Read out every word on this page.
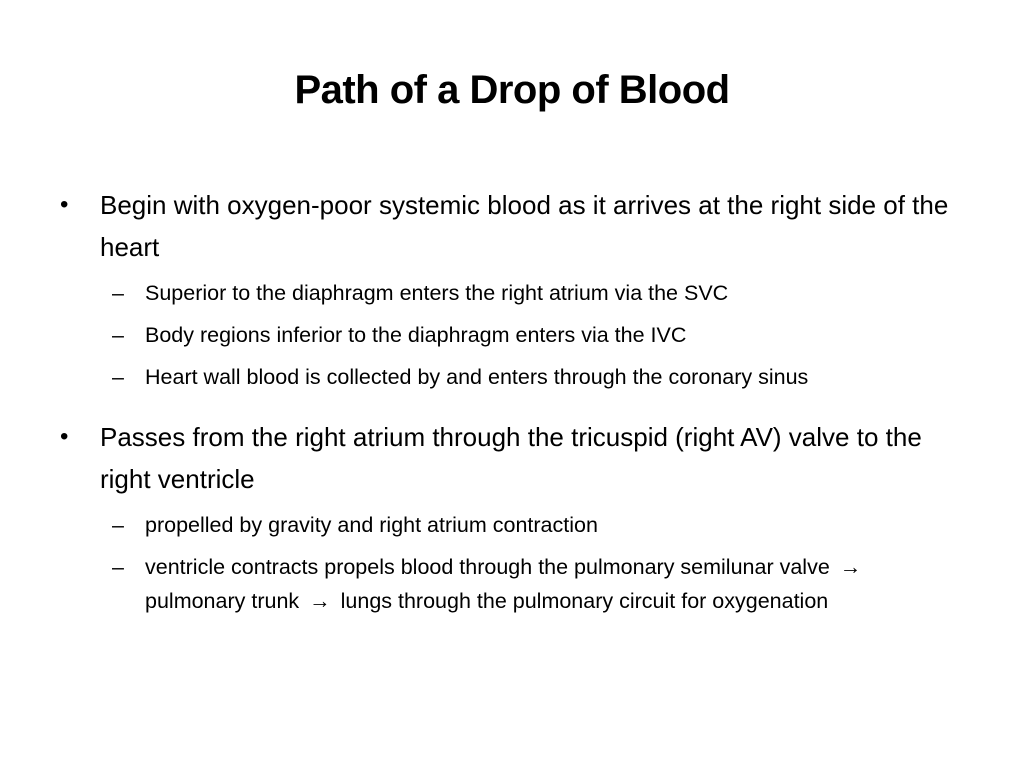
Path of a Drop of Blood

• Begin with oxygen-poor systemic blood as it arrives at the right side of the heart

– Superior to the diaphragm enters the right atrium via the SVC
– Body regions inferior to the diaphragm enters via the IVC
– Heart wall blood is collected by and enters through the coronary sinus

• Passes from the right atrium through the tricuspid (right AV) valve to the right ventricle

– propelled by gravity and right atrium contraction
– ventricle contracts propels blood through the pulmonary semilunar valve → pulmonary trunk → lungs through the pulmonary circuit for oxygenation
